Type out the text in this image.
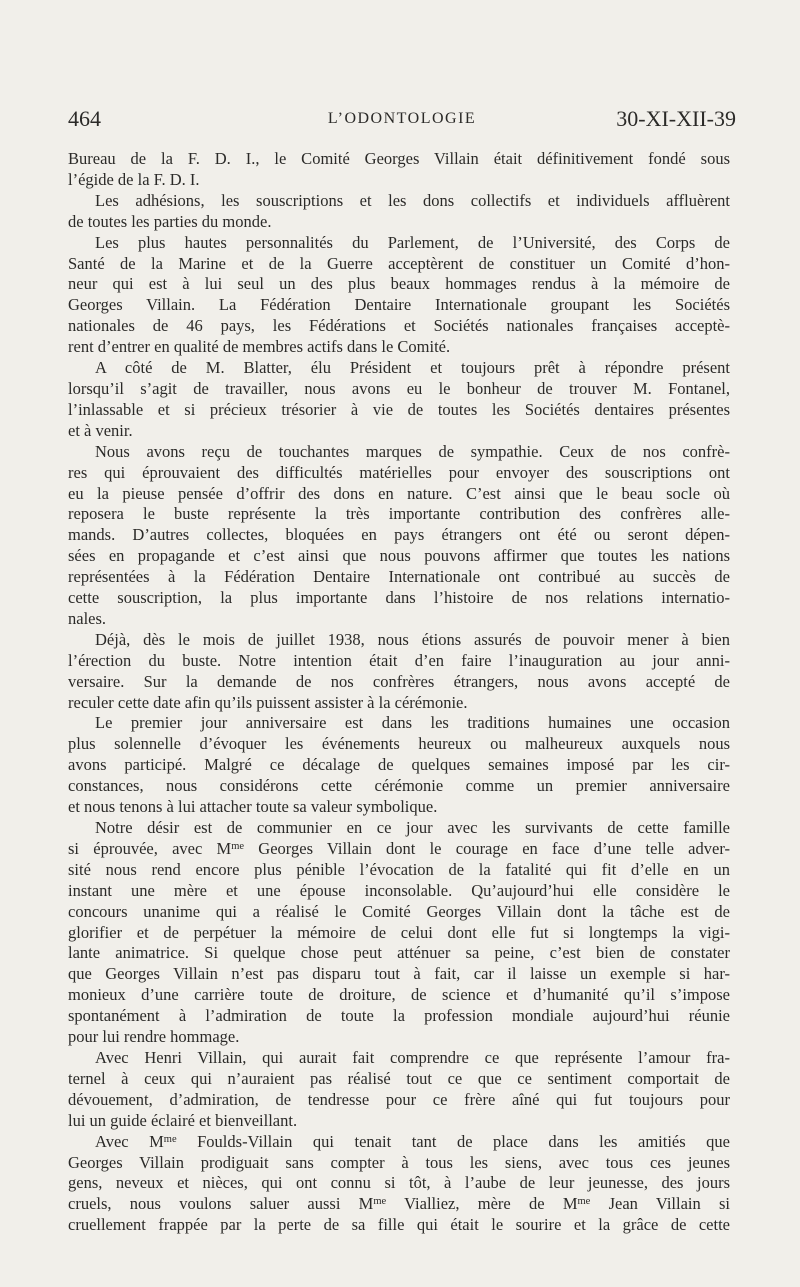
464	L’ODONTOLOGIE	30-XI-XII-39
Bureau de la F. D. I., le Comité Georges Villain était définitivement fondé sous
l’égide de la F. D. I.
Les adhésions, les souscriptions et les dons collectifs et individuels affluèrent
de toutes les parties du monde.
Les plus hautes personnalités du Parlement, de l’Université, des Corps de
Santé de la Marine et de la Guerre acceptèrent de constituer un Comité d’hon-
neur qui est à lui seul un des plus beaux hommages rendus à la mémoire de
Georges Villain. La Fédération Dentaire Internationale groupant les Sociétés
nationales de 46 pays, les Fédérations et Sociétés nationales françaises acceptè-
rent d’entrer en qualité de membres actifs dans le Comité.
A côté de M. Blatter, élu Président et toujours prêt à répondre présent
lorsqu’il s’agit de travailler, nous avons eu le bonheur de trouver M. Fontanel,
l’inlassable et si précieux trésorier à vie de toutes les Sociétés dentaires présentes
et à venir.
Nous avons reçu de touchantes marques de sympathie. Ceux de nos confrè-
res qui éprouvaient des difficultés matérielles pour envoyer des souscriptions ont
eu la pieuse pensée d’offrir des dons en nature. C’est ainsi que le beau socle où
reposera le buste représente la très importante contribution des confrères alle-
mands. D’autres collectes, bloquées en pays étrangers ont été ou seront dépen-
sées en propagande et c’est ainsi que nous pouvons affirmer que toutes les nations
représentées à la Fédération Dentaire Internationale ont contribué au succès de
cette souscription, la plus importante dans l’histoire de nos relations internatio-
nales.
Déjà, dès le mois de juillet 1938, nous étions assurés de pouvoir mener à bien
l’érection du buste. Notre intention était d’en faire l’inauguration au jour anni-
versaire. Sur la demande de nos confrères étrangers, nous avons accepté de
reculer cette date afin qu’ils puissent assister à la cérémonie.
Le premier jour anniversaire est dans les traditions humaines une occasion
plus solennelle d’évoquer les événements heureux ou malheureux auxquels nous
avons participé. Malgré ce décalage de quelques semaines imposé par les cir-
constances, nous considérons cette cérémonie comme un premier anniversaire
et nous tenons à lui attacher toute sa valeur symbolique.
Notre désir est de communier en ce jour avec les survivants de cette famille
si éprouvée, avec $M^{me}$ Georges Villain dont le courage en face d’une telle adver-
sité nous rend encore plus pénible l’évocation de la fatalité qui fit d’elle en un
instant une mère et une épouse inconsolable. Qu’aujourd’hui elle considère le
concours unanime qui a réalisé le Comité Georges Villain dont la tâche est de
glorifier et de perpétuer la mémoire de celui dont elle fut si longtemps la vigi-
lante animatrice. Si quelque chose peut atténuer sa peine, c’est bien de constater
que Georges Villain n’est pas disparu tout à fait, car il laisse un exemple si har-
monieux d’une carrière toute de droiture, de science et d’humanité qu’il s’impose
spontanément à l’admiration de toute la profession mondiale aujourd’hui réunie
pour lui rendre hommage.
Avec Henri Villain, qui aurait fait comprendre ce que représente l’amour fra-
ternel à ceux qui n’auraient pas réalisé tout ce que ce sentiment comportait de
dévouement, d’admiration, de tendresse pour ce frère aîné qui fut toujours pour
lui un guide éclairé et bienveillant.
Avec $M^{me}$ Foulds-Villain qui tenait tant de place dans les amitiés que
Georges Villain prodiguait sans compter à tous les siens, avec tous ces jeunes
gens, neveux et nièces, qui ont connu si tôt, à l’aube de leur jeunesse, des jours
cruels, nous voulons saluer aussi $M^{me}$ Vialliez, mère de $M^{me}$ Jean Villain si
cruellement frappée par la perte de sa fille qui était le sourire et la grâce de cette
